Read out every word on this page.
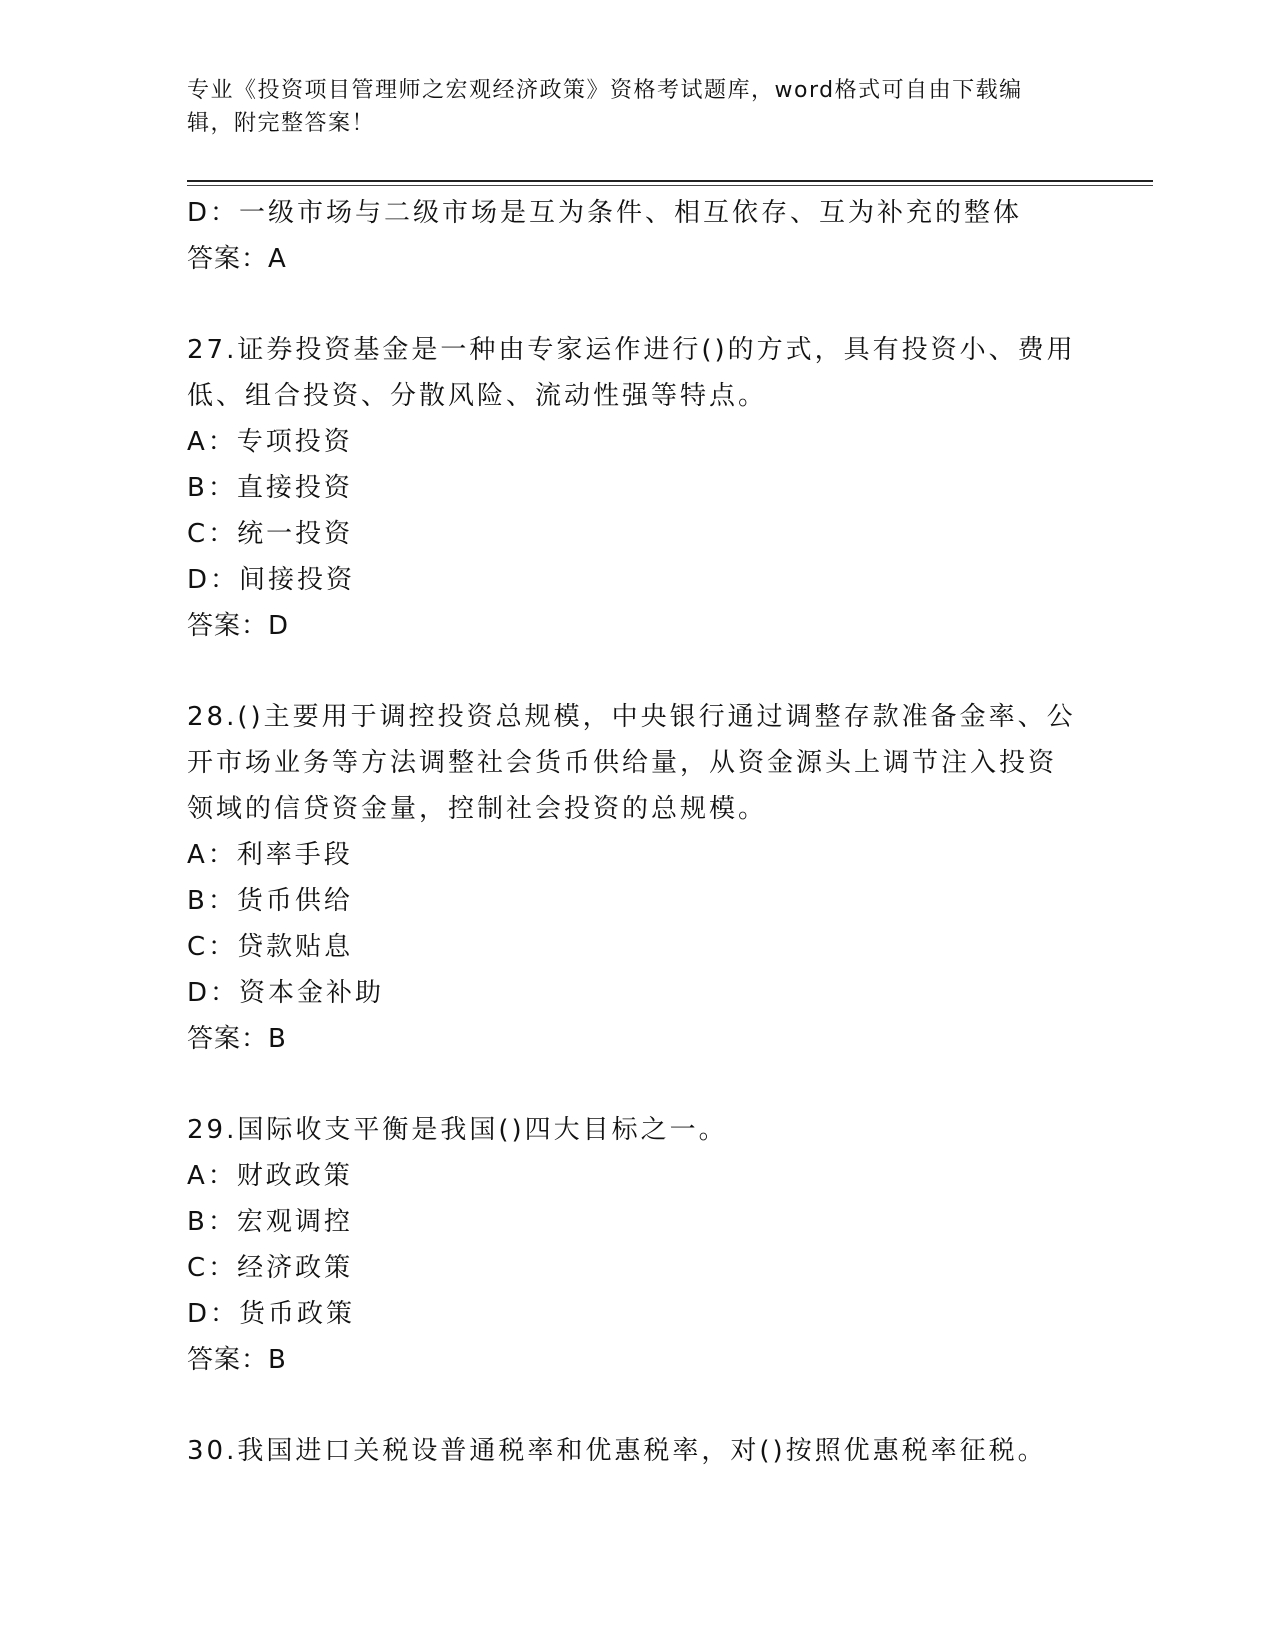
专业《投资项目管理师之宏观经济政策》资格考试题库，word格式可自由下载编
辑，附完整答案！
D：一级市场与二级市场是互为条件、相互依存、互为补充的整体
答案：A
27.证券投资基金是一种由专家运作进行()的方式，具有投资小、费用
低、组合投资、分散风险、流动性强等特点。
A：专项投资
B：直接投资
C：统一投资
D：间接投资
答案：D
28.()主要用于调控投资总规模，中央银行通过调整存款准备金率、公
开市场业务等方法调整社会货币供给量，从资金源头上调节注入投资
领域的信贷资金量，控制社会投资的总规模。
A：利率手段
B：货币供给
C：贷款贴息
D：资本金补助
答案：B
29.国际收支平衡是我国()四大目标之一。
A：财政政策
B：宏观调控
C：经济政策
D：货币政策
答案：B
30.我国进口关税设普通税率和优惠税率，对()按照优惠税率征税。
